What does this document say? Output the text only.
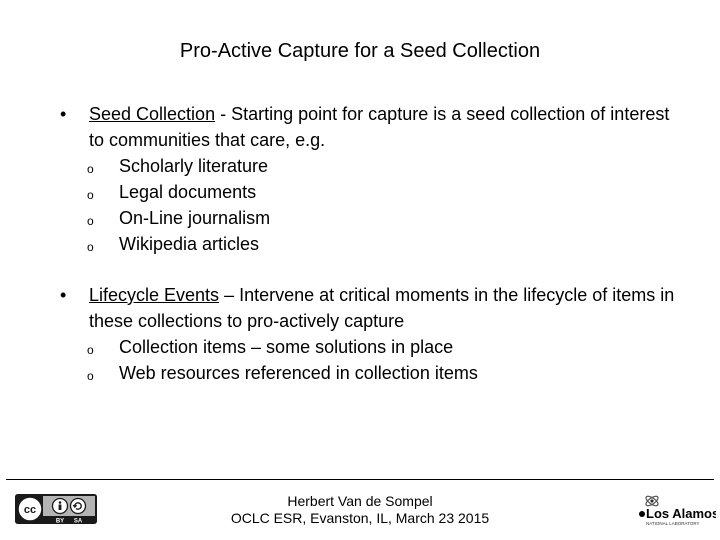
Pro-Active Capture for a Seed Collection
•	Seed Collection - Starting point for capture is a seed collection of interest to communities that care, e.g.
o Scholarly literature
o Legal documents
o On-Line journalism
o Wikipedia articles
•	Lifecycle Events – Intervene at critical moments in the lifecycle of items in these collections to pro-actively capture
o Collection items – some solutions in place
o Web resources referenced in collection items
cc
BY SA
Herbert Van de Sompel
OCLC ESR, Evanston, IL, March 23 2015	Los Alamos
NATIONAL LABORATORY
